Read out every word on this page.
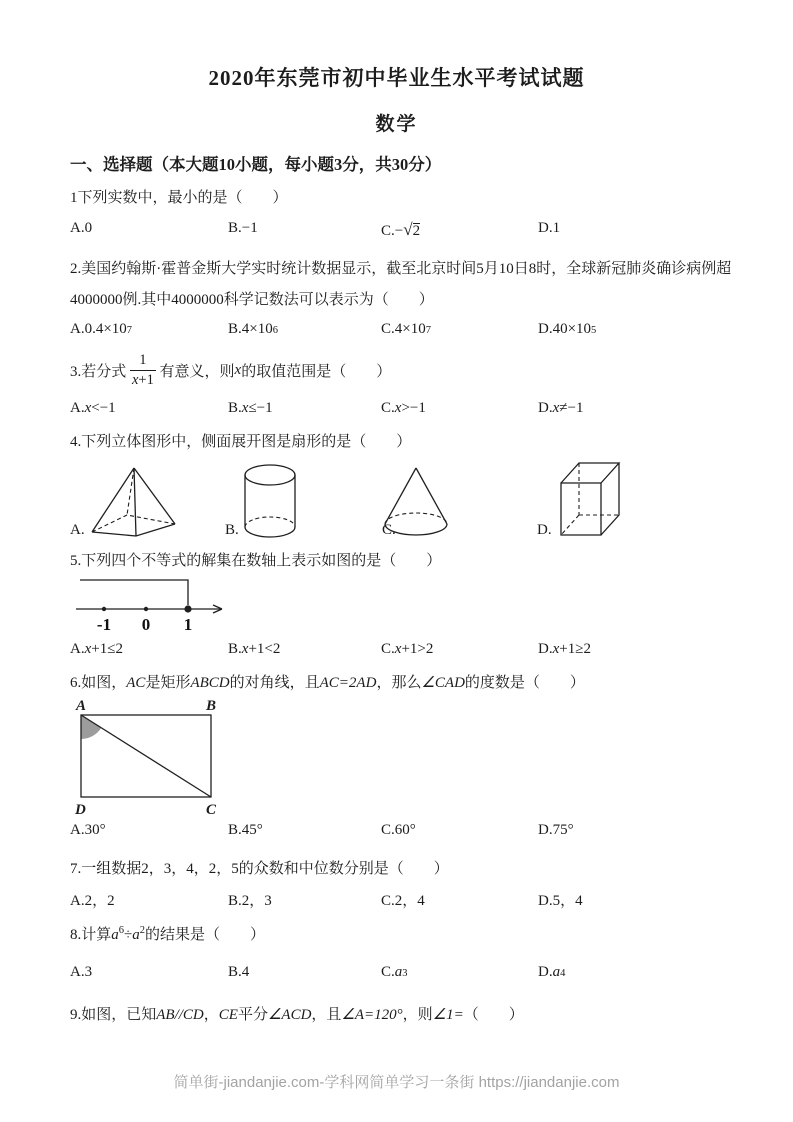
2020年东莞市初中毕业生水平考试试题
数学
一、选择题（本大题10小题，每小题3分，共30分）
1下列实数中，最小的是（　　）
A.0	B.−1	C.− √ 2	D.1
2.美国约翰斯·霍普金斯大学实时统计数据显示，截至北京时间5月10日8时，全球新冠肺炎确诊病例超
4000000例.其中4000000科学记数法可以表示为（　　）
A.0.4×10 7	B.4×10 6	C.4×10 7	D.40×10 5
3.若分式 $\frac{1}{x+1}$ 有意义，则 x 的取值范围是（　　）
A. x <−1	B. x ≤−1	C. x >−1	D. x ≠−1
4.下列立体图形中，侧面展开图是扇形的是（　　）
A.	B.	C.	D.
5.下列四个不等式的解集在数轴上表示如图的是（　　）
-1 0 1
A. x +1≤2	B. x +1<2	C. x +1>2	D. x +1≥2
6.如图，AC是矩形ABCD的对角线，且AC=2AD，那么∠CAD的度数是（　　）
A	B
D	C
A.30°	B.45°	C.60°	D.75°
7.一组数据2，3，4，2，5的众数和中位数分别是（　　）
A.2，2	B.2，3	C.2，4	D.5，4
8.计算$a^6\div a^2$的结果是（　　）
A.3	B.4	C. a 3	D. a 4
9.如图，已知AB//CD，CE平分∠ACD，且∠A=120°，则∠1=（　　）
简单街-jiandanjie.com-学科网简单学习一条街 https://jiandanjie.com
